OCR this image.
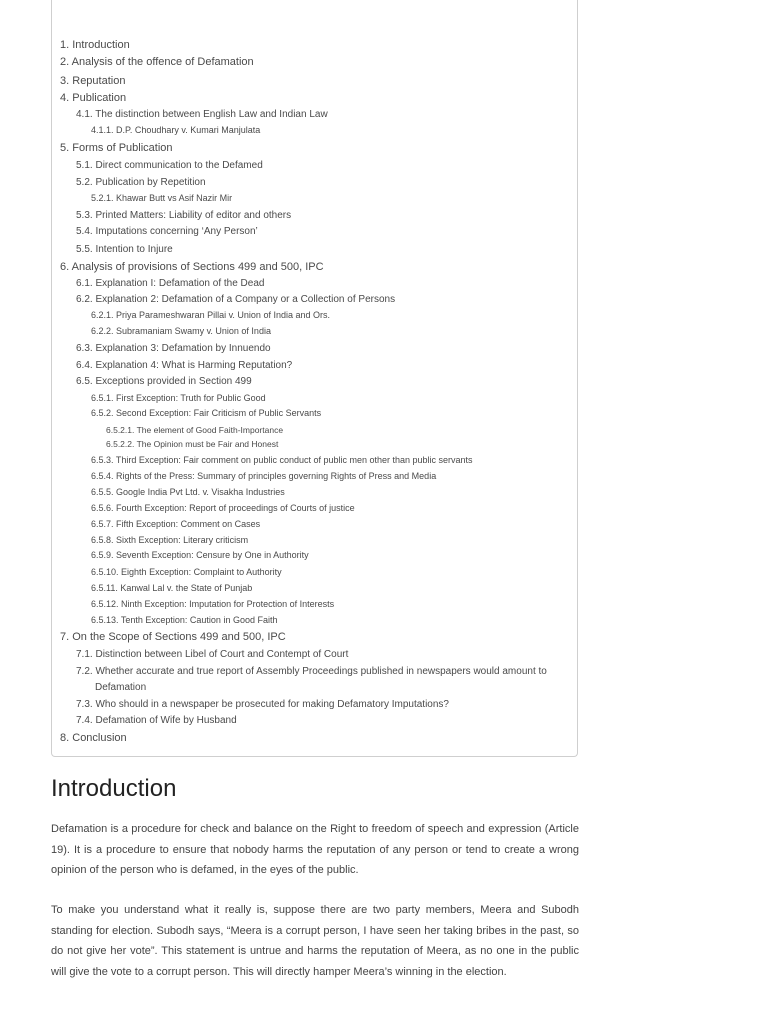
1. Introduction
2. Analysis of the offence of Defamation
3. Reputation
4. Publication
4.1. The distinction between English Law and Indian Law
4.1.1. D.P. Choudhary v. Kumari Manjulata
5. Forms of Publication
5.1. Direct communication to the Defamed
5.2. Publication by Repetition
5.2.1. Khawar Butt vs Asif Nazir Mir
5.3. Printed Matters: Liability of editor and others
5.4. Imputations concerning ‘Any Person’
5.5. Intention to Injure
6. Analysis of provisions of Sections 499 and 500, IPC
6.1. Explanation I: Defamation of the Dead
6.2. Explanation 2: Defamation of a Company or a Collection of Persons
6.2.1. Priya Parameshwaran Pillai v. Union of India and Ors.
6.2.2. Subramaniam Swamy v. Union of India
6.3. Explanation 3: Defamation by Innuendo
6.4. Explanation 4: What is Harming Reputation?
6.5. Exceptions provided in Section 499
6.5.1. First Exception: Truth for Public Good
6.5.2. Second Exception: Fair Criticism of Public Servants
6.5.2.1. The element of Good Faith-Importance
6.5.2.2. The Opinion must be Fair and Honest
6.5.3. Third Exception: Fair comment on public conduct of public men other than public servants
6.5.4. Rights of the Press: Summary of principles governing Rights of Press and Media
6.5.5. Google India Pvt Ltd. v. Visakha Industries
6.5.6. Fourth Exception: Report of proceedings of Courts of justice
6.5.7. Fifth Exception: Comment on Cases
6.5.8. Sixth Exception: Literary criticism
6.5.9. Seventh Exception: Censure by One in Authority
6.5.10. Eighth Exception: Complaint to Authority
6.5.11. Kanwal Lal v. the State of Punjab
6.5.12. Ninth Exception: Imputation for Protection of Interests
6.5.13. Tenth Exception: Caution in Good Faith
7. On the Scope of Sections 499 and 500, IPC
7.1. Distinction between Libel of Court and Contempt of Court
7.2. Whether accurate and true report of Assembly Proceedings published in newspapers would amount to
Defamation
7.3. Who should in a newspaper be prosecuted for making Defamatory Imputations?
7.4. Defamation of Wife by Husband
8. Conclusion
Introduction

Defamation is a procedure for check and balance on the Right to freedom of speech and expression (Article 19). It is a procedure to ensure that nobody harms the reputation of any person or tend to create a wrong opinion of the person who is defamed, in the eyes of the public.

To make you understand what it really is, suppose there are two party members, Meera and Subodh standing for election. Subodh says, “Meera is a corrupt person, I have seen her taking bribes in the past, so do not give her vote”. This statement is untrue and harms the reputation of Meera, as no one in the public will give the vote to a corrupt person. This will directly hamper Meera’s winning in the election.
